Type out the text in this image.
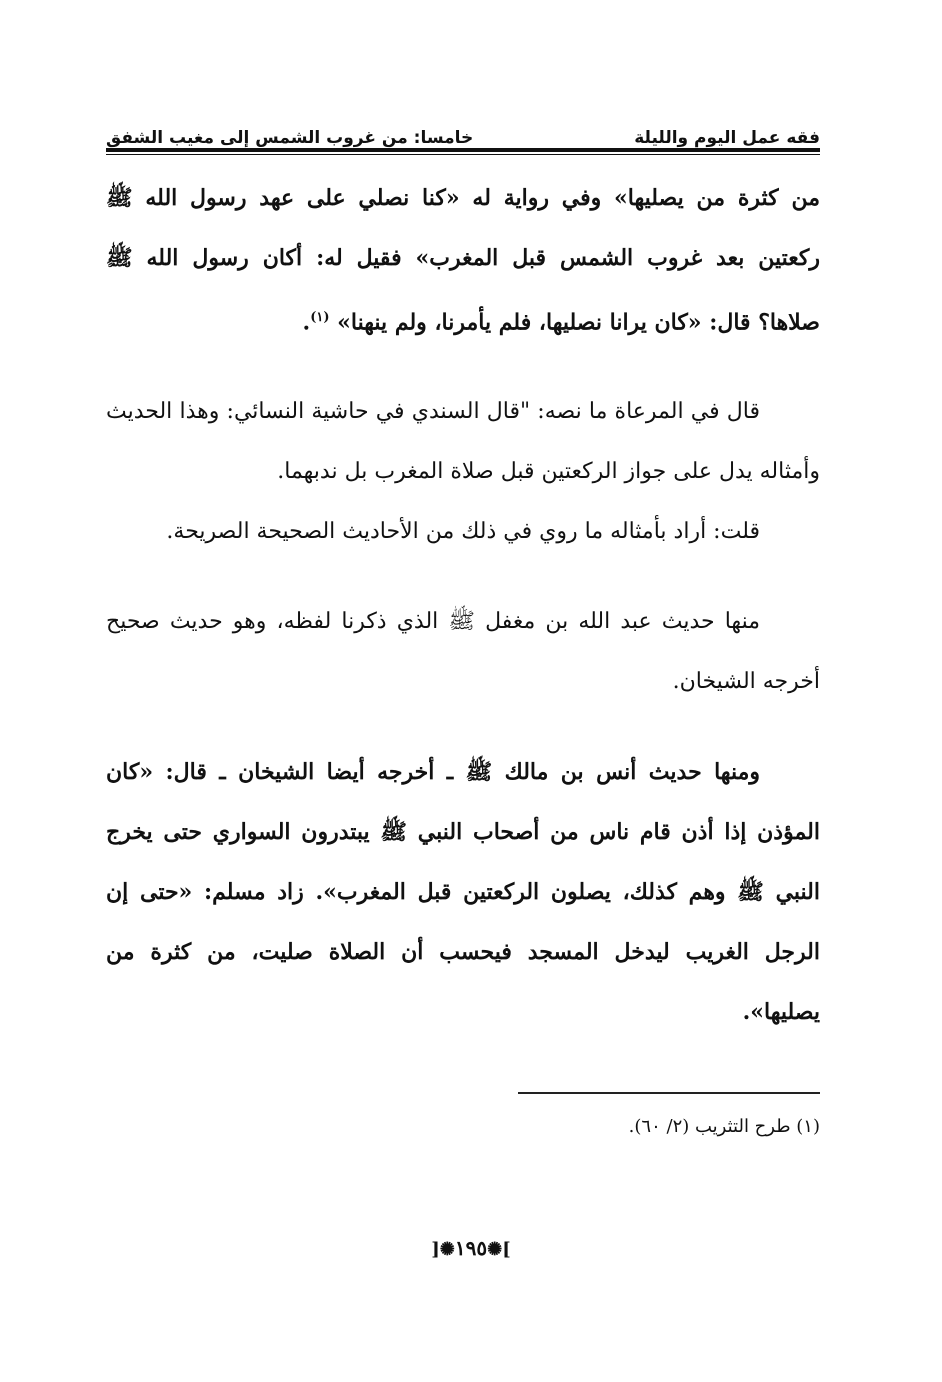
فقه عمل اليوم والليلة
خامسا: من غروب الشمس إلى مغيب الشفق

من كثرة من يصليها» وفي رواية له «كنا نصلي على عهد رسول الله ﷺ ركعتين بعد غروب الشمس قبل المغرب» فقيل له: أكان رسول الله ﷺ صلاها؟ قال: «كان يرانا نصليها، فلم يأمرنا، ولم ينهنا» $^{(١)}$.

قال في المرعاة ما نصه: "قال السندي في حاشية النسائي: وهذا الحديث وأمثاله يدل على جواز الركعتين قبل صلاة المغرب بل ندبهما.

قلت: أراد بأمثاله ما روي في ذلك من الأحاديث الصحيحة الصريحة.

منها حديث عبد الله بن مغفل ﷺ الذي ذكرنا لفظه، وهو حديث صحيح أخرجه الشيخان.

ومنها حديث أنس بن مالك ﷺ ـ أخرجه أيضا الشيخان ـ قال: «كان المؤذن إذا أذن قام ناس من أصحاب النبي ﷺ يبتدرون السواري حتى يخرج النبي ﷺ وهم كذلك، يصلون الركعتين قبل المغرب». زاد مسلم: «حتى إن الرجل الغريب ليدخل المسجد فيحسب أن الصلاة صليت، من كثرة من يصليها».

(١) طرح التثريب (٢/ ٦٠).
]✺١٩٥✺[
